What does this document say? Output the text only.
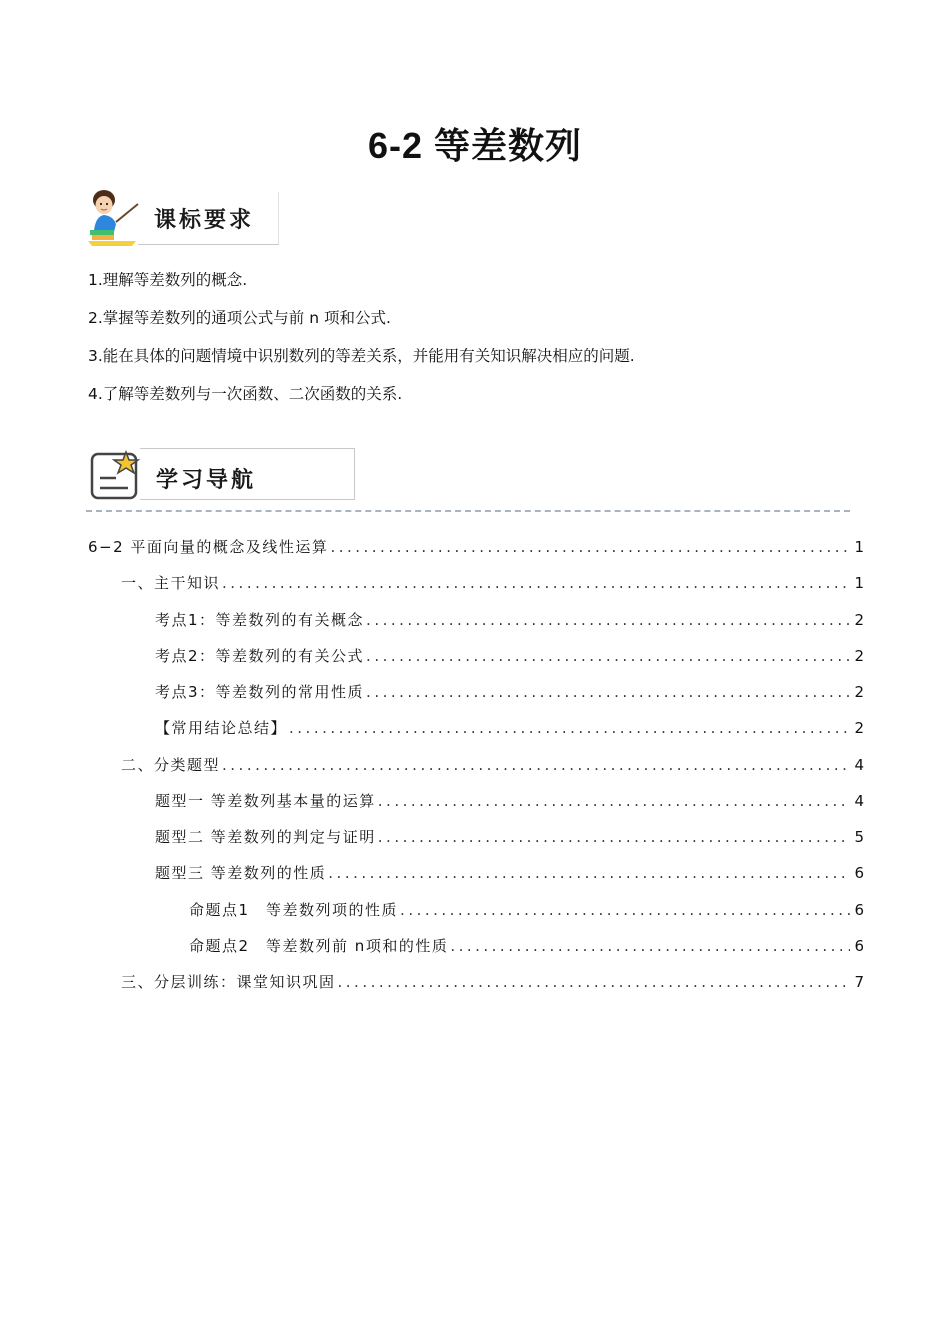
6-2 等差数列
课标要求
1.理解等差数列的概念.
2.掌握等差数列的通项公式与前 n 项和公式.
3.能在具体的问题情境中识别数列的等差关系，并能用有关知识解决相应的问题.
4.了解等差数列与一次函数、二次函数的关系.
学习导航
6−2 平面向量的概念及线性运算 .....	1
一、主干知识 .....	1
考点1：等差数列的有关概念 .....	2
考点2：等差数列的有关公式 .....	2
考点3：等差数列的常用性质 .....	2
【常用结论总结】 .....	2
二、分类题型 .....	4
题型一 等差数列基本量的运算 .....	4
题型二 等差数列的判定与证明 .....	5
题型三 等差数列的性质 .....	6
命题点1　等差数列项的性质 .....	6
命题点2　等差数列前 n项和的性质 .....	6
三、分层训练：课堂知识巩固 .....	7
